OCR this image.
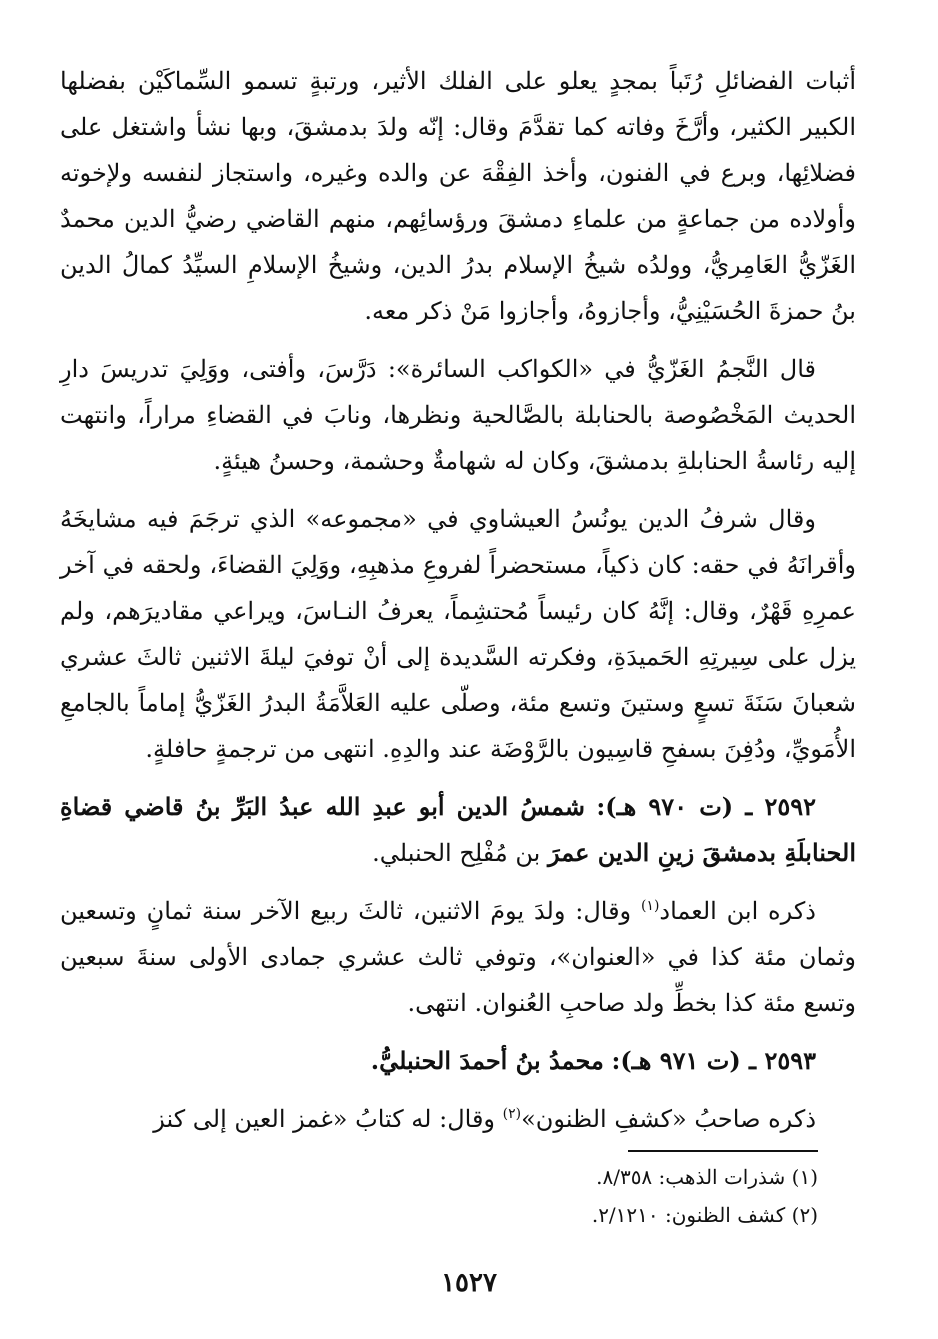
أثبات الفضائلِ رُتَباً بمجدٍ يعلو على الفلك الأثير، ورتبةٍ تسمو السِّماكَيْن بفضلها الكبير الكثير، وأرَّخَ وفاته كما تقدَّمَ وقال: إنّه ولدَ بدمشقَ، وبها نشأ واشتغل على فضلائِها، وبرع في الفنون، وأخذ الفِقْهَ عن والده وغيره، واستجاز لنفسه ولإخوته وأولاده من جماعةٍ من علماءِ دمشقَ ورؤسائِهم، منهم القاضي رضيُّ الدين محمدٌ الغَزّيُّ العَامِريُّ، وولدُه شيخُ الإسلام بدرُ الدين، وشيخُ الإسلامِ السيِّدُ كمالُ الدين بنُ حمزةَ الحُسَيْنِيُّ، وأجازوهُ، وأجازوا مَنْ ذكر معه.

قال النَّجمُ الغَزّيُّ في «الكواكب السائرة»: دَرَّسَ، وأفتى، ووَلِيَ تدريسَ دارِ الحديث المَخْصُوصة بالحنابلة بالصَّالحية ونظرها، ونابَ في القضاءِ مراراً، وانتهت إليه رئاسةُ الحنابلةِ بدمشقَ، وكان له شهامةٌ وحشمة، وحسنُ هيئةٍ.

وقال شرفُ الدين يونُسُ العيشاوي في «مجموعه» الذي ترجَمَ فيه مشايخَهُ وأقرانَهُ في حقه: كان ذكياً، مستحضراً لفروعِ مذهبِهِ، ووَلِيَ القضاءَ، ولحقه في آخر عمرِهِ قَهْرٌ، وقال: إنَّهُ كان رئيساً مُحتشِماً، يعرفُ النـاسَ، ويراعي مقاديرَهم، ولم يزل على سِيرتِهِ الحَميدَةِ، وفكرته السَّديدة إلى أنْ توفيَ ليلةَ الاثنين ثالثَ عشري شعبانَ سَنَةَ تسعٍ وستينَ وتسع مئة، وصلّى عليه العَلاَّمَةُ البدرُ الغَزّيُّ إماماً بالجامعِ الأُمَويِّ، ودُفِنَ بسفحِ قاسِيون بالرَّوْضَة عند والدِهِ. انتهى من ترجمةٍ حافلةٍ.

٢٥٩٢ ـ (ت ٩٧٠ هـ): شمسُ الدين أبو عبدِ الله عبدُ البَرِّ بنُ قاضي قضاةِ الحنابلَةِ بدمشقَ زينِ الدين عمرَ بن مُفْلِح الحنبلي.

ذكره ابن العماد$^{(١)}$ وقال: ولدَ يومَ الاثنين، ثالثَ ربيع الآخر سنة ثمانٍ وتسعين وثمان مئة كذا في «العنوان»، وتوفي ثالث عشري جمادى الأولى سنةَ سبعين وتسع مئة كذا بخطِّ ولد صاحبِ العُنوان. انتهى.

٢٥٩٣ ـ (ت ٩٧١ هـ): محمدُ بنُ أحمدَ الحنبليُّ.

ذكره صاحبُ «كشفِ الظنون»$^{(٢)}$ وقال: له كتابُ «غمز العين إلى كنز

(١) شذرات الذهب: ٨/٣٥٨.
(٢) كشف الظنون: ٢/١٢١٠.
١٥٢٧
